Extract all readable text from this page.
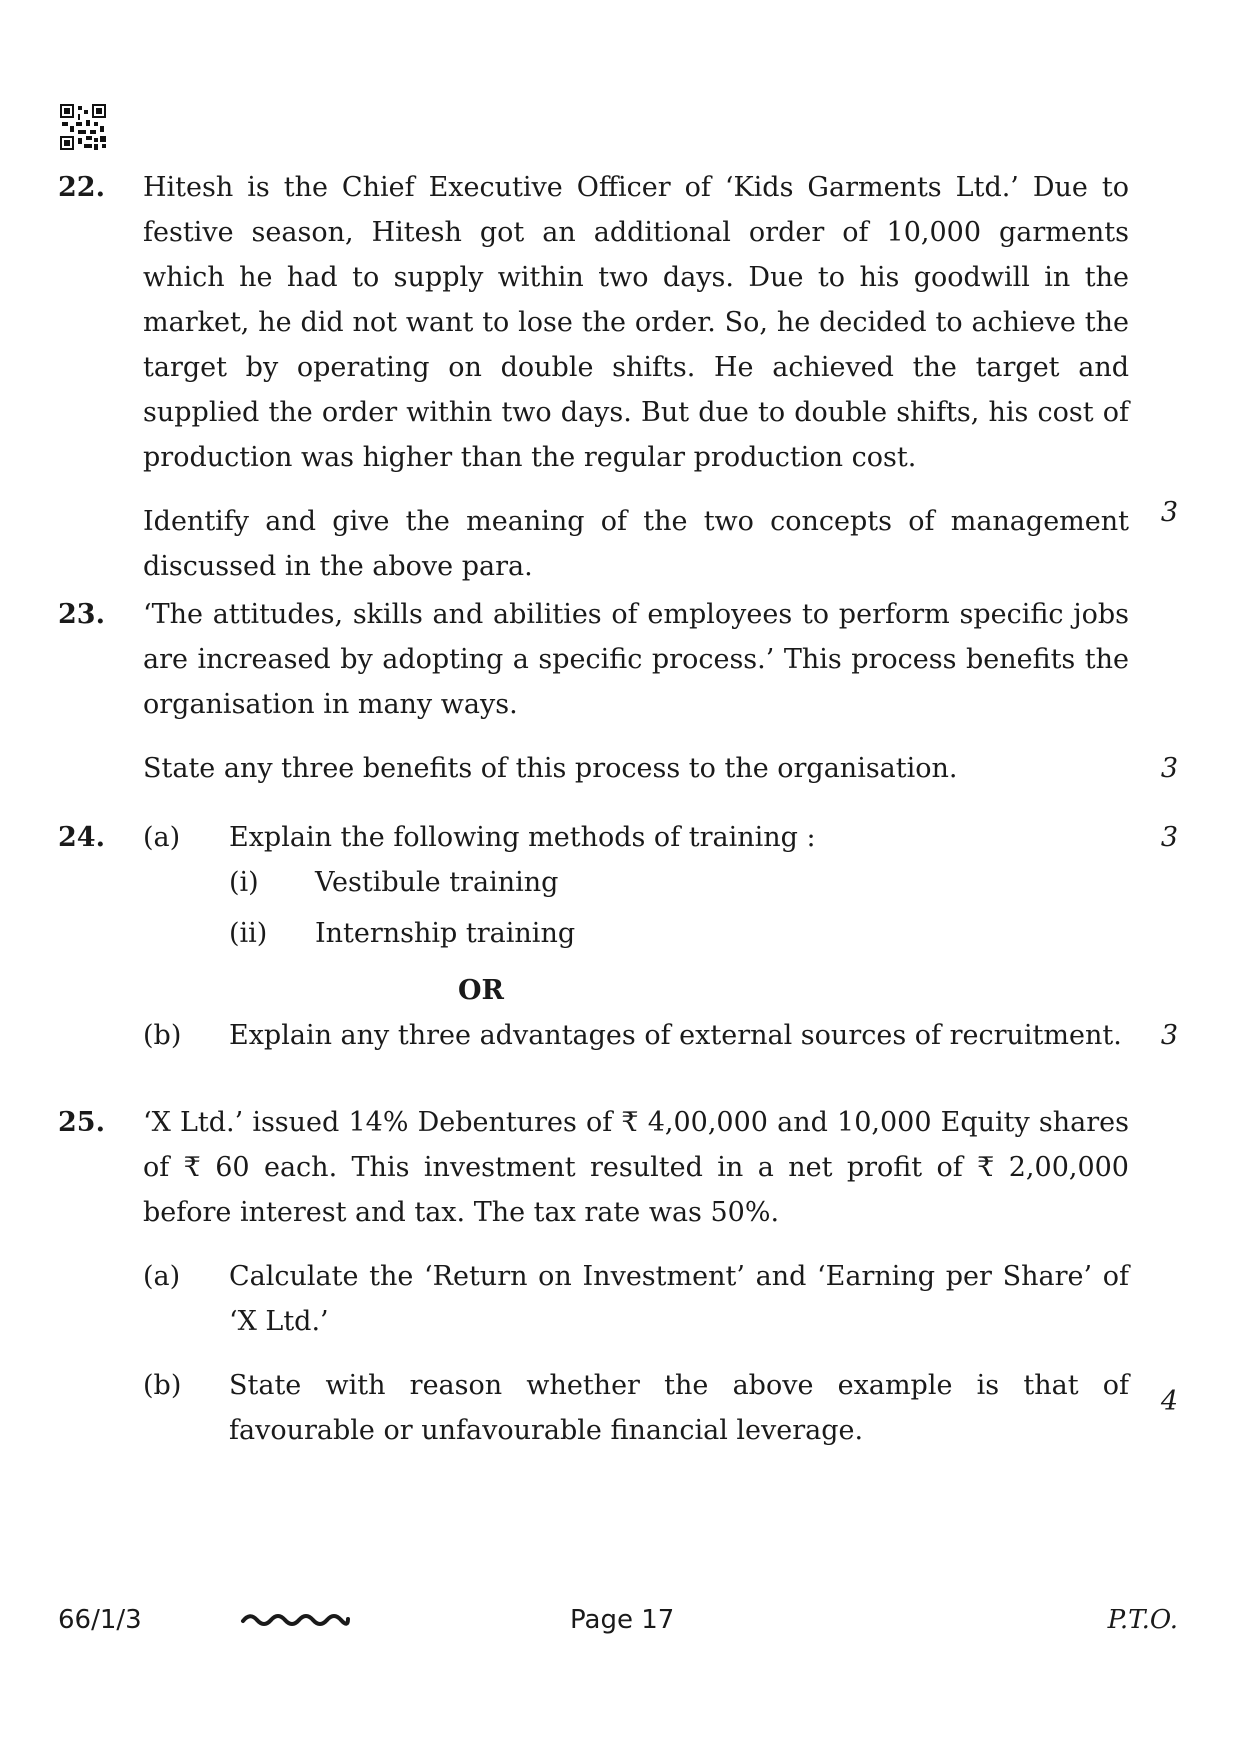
22. Hitesh is the Chief Executive Officer of ‘Kids Garments Ltd.’ Due to festive season, Hitesh got an additional order of 10,000 garments which he had to supply within two days. Due to his goodwill in the market, he did not want to lose the order. So, he decided to achieve the target by operating on double shifts. He achieved the target and supplied the order within two days. But due to double shifts, his cost of production was higher than the regular production cost.

Identify and give the meaning of the two concepts of management discussed in the above para.

3
23. ‘The attitudes, skills and abilities of employees to perform specific jobs are increased by adopting a specific process.’ This process benefits the organisation in many ways.

State any three benefits of this process to the organisation.	3
24. (a) Explain the following methods of training :
(i) Vestibule training
(ii) Internship training
OR
(b) Explain any three advantages of external sources of recruitment.
3
3
25. ‘X Ltd.’ issued 14% Debentures of ₹ 4,00,000 and 10,000 Equity shares of ₹ 60 each. This investment resulted in a net profit of ₹ 2,00,000 before interest and tax. The tax rate was 50%.

(a) Calculate the ‘Return on Investment’ and ‘Earning per Share’ of ‘X Ltd.’
(b) State with reason whether the above example is that of favourable or unfavourable financial leverage.
4
66/1/3	Page 17	P.T.O.
